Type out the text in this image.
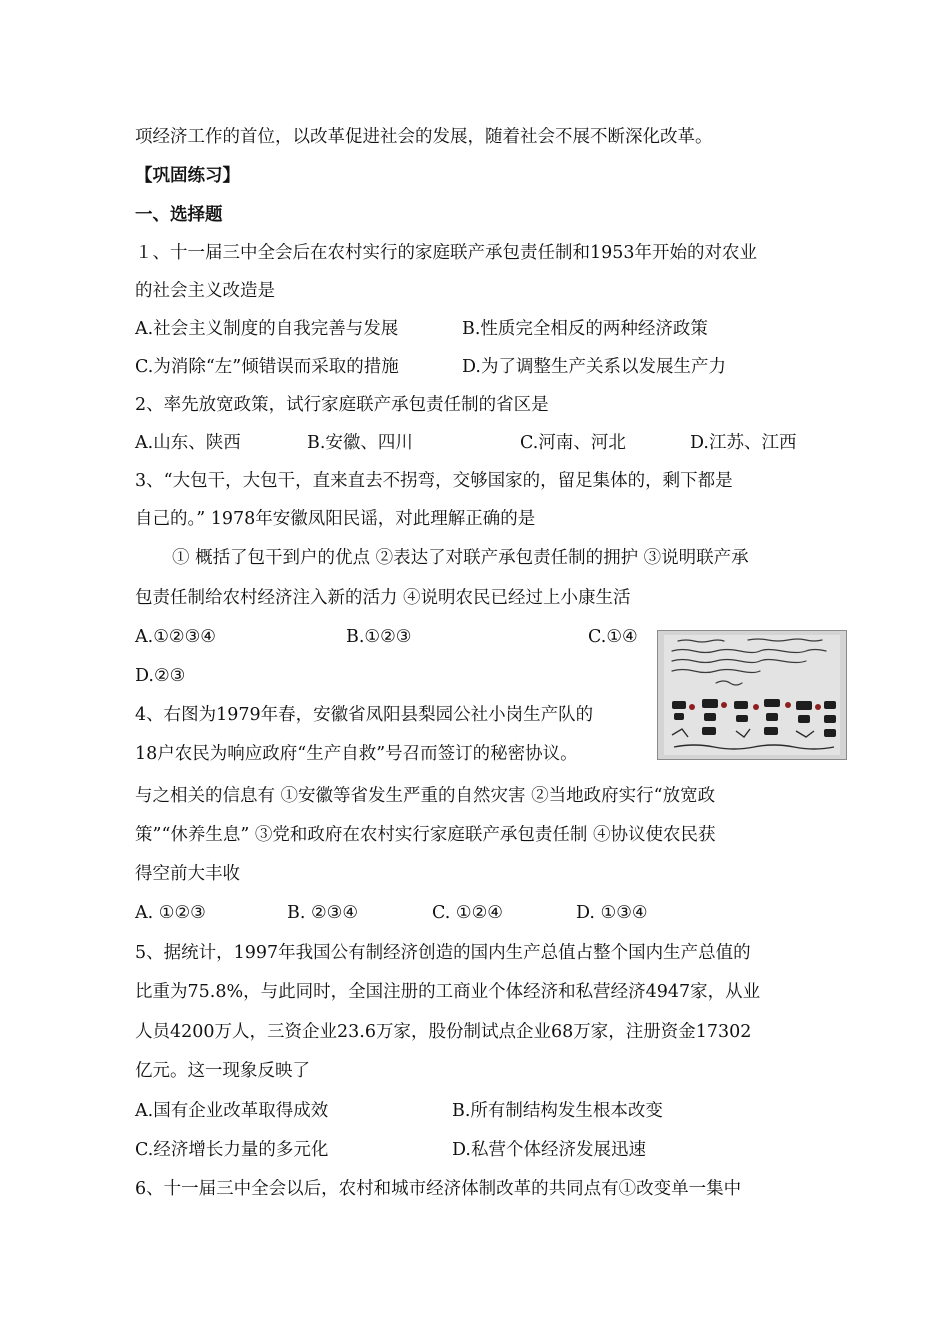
项经济工作的首位，以改革促进社会的发展，随着社会不展不断深化改革。
【巩固练习】
一、选择题
１、十一届三中全会后在农村实行的家庭联产承包责任制和1953年开始的对农业
的社会主义改造是
A.社会主义制度的自我完善与发展	B.性质完全相反的两种经济政策
C.为消除“左”倾错误而采取的措施	D.为了调整生产关系以发展生产力
2、率先放宽政策，试行家庭联产承包责任制的省区是
A.山东、陕西	B.安徽、四川	C.河南、河北	D.江苏、江西
3、“大包干，大包干，直来直去不拐弯，交够国家的，留足集体的，剩下都是
自己的。” 1978年安徽凤阳民谣，对此理解正确的是
① 概括了包干到户的优点 ②表达了对联产承包责任制的拥护 ③说明联产承
包责任制给农村经济注入新的活力 ④说明农民已经过上小康生活
A.①②③④	B.①②③	C.①④
D.②③
4、右图为1979年春，安徽省凤阳县梨园公社小岗生产队的
18户农民为响应政府“生产自救”号召而签订的秘密协议。
与之相关的信息有 ①安徽等省发生严重的自然灾害 ②当地政府实行“放宽政
策”“休养生息” ③党和政府在农村实行家庭联产承包责任制 ④协议使农民获
得空前大丰收
A. ①②③	B. ②③④	C. ①②④	D. ①③④
5、据统计，1997年我国公有制经济创造的国内生产总值占整个国内生产总值的
比重为75.8%，与此同时，全国注册的工商业个体经济和私营经济4947家，从业
人员4200万人，三资企业23.6万家，股份制试点企业68万家，注册资金17302
亿元。这一现象反映了
A.国有企业改革取得成效	B.所有制结构发生根本改变
C.经济增长力量的多元化	D.私营个体经济发展迅速
6、十一届三中全会以后，农村和城市经济体制改革的共同点有①改变单一集中
